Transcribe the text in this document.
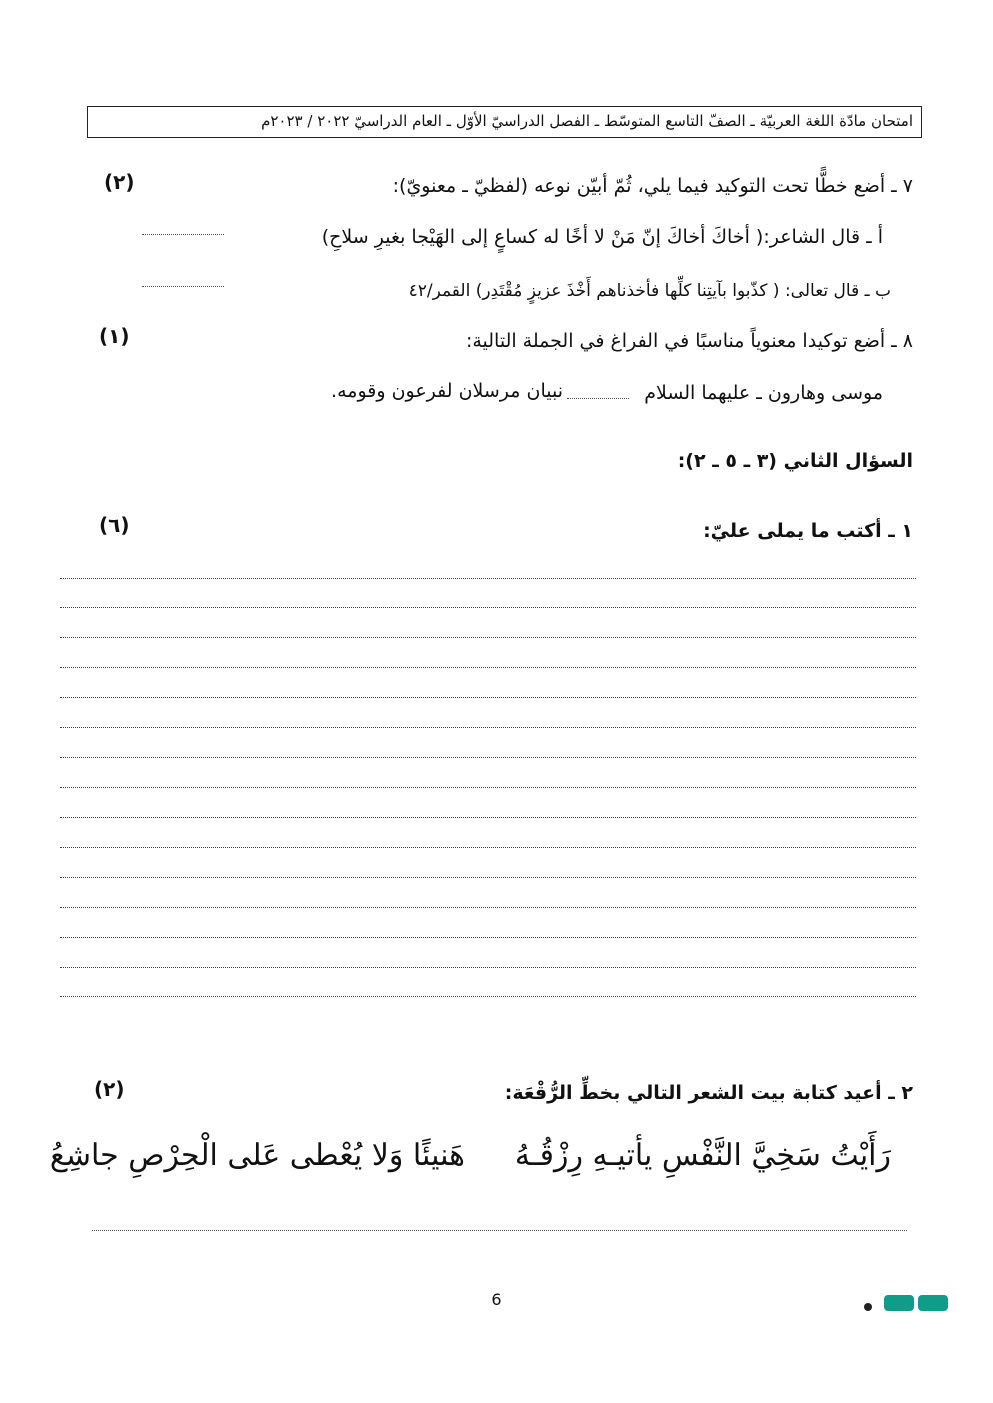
امتحان مادّة اللغة العربيّة ـ الصفّ التاسع المتوسّط ـ الفصل الدراسيّ الأوّل ـ العام الدراسيّ ٢٠٢٢ / ٢٠٢٣م
(٢)	٧ ـ أضع خطًّا تحت التوكيد فيما يلي، ثُمّ أبيّن نوعه (لفظيّ ـ معنويّ):
أ ـ قال الشاعر:( أخاكَ أخاكَ إنّ مَنْ لا أخًا له كساعٍ إلى الهَيْجا بغيرِ سلاحِ)
ب ـ قال تعالى: ( كذّبوا بآيتِنا كلِّها فأخذناهم أَخْذَ عزيزٍ مُقْتَدِر) القمر/٤٢
(١)	٨ ـ أضع توكيدا معنوياً مناسبًا في الفراغ في الجملة التالية:
موسى وهارون ـ عليهما السلام
نبيان مرسلان لفرعون وقومه.
السؤال الثاني (٣ ـ ٥ ـ ٢):
(٦)	١ ـ أكتب ما يملى عليّ:
(٢)	٢ ـ أعيد كتابة بيت الشعر التالي بخطِّ الرُّقْعَة:
رَأَيْتُ سَخِيَّ النَّفْسِ يأتيـهِ رِزْقُـهُ
هَنيئًا وَلا يُعْطى عَلى الْحِرْصِ جاشِعُ
6
